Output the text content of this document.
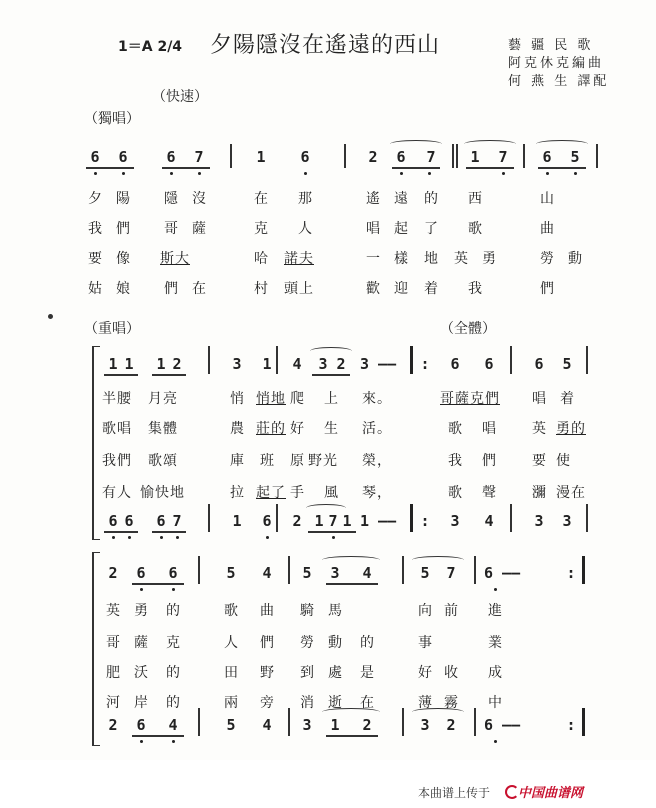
1＝A 2/4 夕陽隱沒在遙遠的西山	藝 疆 民 歌
阿克休克編曲
何 燕 生 譯配
（快速）
（獨唱）
6	6	6	7	1	6	2	6	7	1	7	6	5
夕	陽	隱	沒	在	那	遙	遠	的	西	山
我	們	哥	薩	克	人	唱	起	了	歌	曲
要	像	斯大	哈	諾夫	一	樣	地	英	勇	勞	動
姑	娘	們	在	村	頭上	歡	迎	着	我	們
（重唱）	（全體）
1 1	1 2	3	1	4	3 2 3 ——	:	6	6	6	5
半腰 月亮	悄 悄地 爬	上	來。	哥薩克們	唱	着
歌唱 集體	農 莊的 好	生	活。	歌	唱	英 勇的
我們 歌頌	庫	班	原 野光 榮，	我	們	要 使
有人 愉快地	拉 起了 手	風	琴，	歌	聲	瀰 漫在
6 6	6 7	1	6	2 1 7 1 1 ——	:	3	4	3	3
2	6	6	5	4	5	3	4	5	7	6 ——	:
英	勇	的	歌	曲	騎	馬	向 前	進
哥	薩	克	人	們	勞	動	的	事	業
肥	沃	的	田	野	到	處	是	好 收	成
河	岸	的	兩	旁	消	逝	在	薄 霧	中
2	6	4	5	4	3	1	2	3	2	6 ——	:
本曲谱上传于 中国曲谱网
